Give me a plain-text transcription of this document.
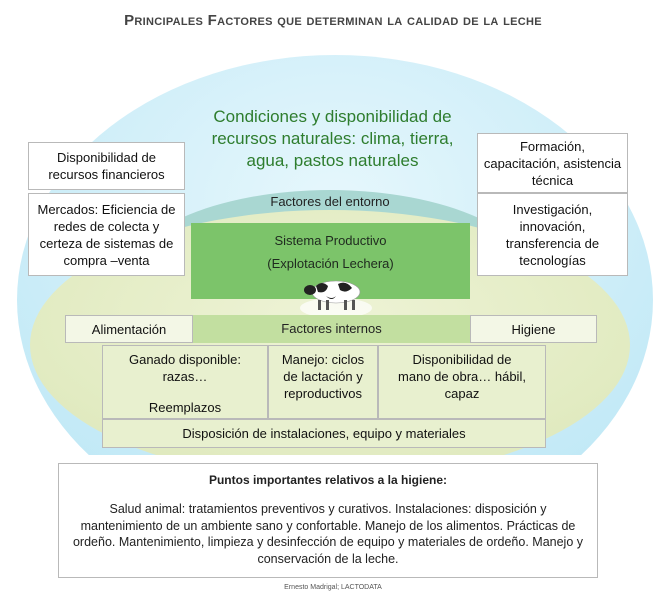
Principales Factores que determinan la calidad de la leche
Condiciones y disponibilidad de recursos naturales: clima, tierra, agua, pastos naturales
Disponibilidad de recursos financieros
Mercados: Eficiencia de redes de colecta y certeza de sistemas de compra –venta
Formación, capacitación, asistencia técnica
Investigación, innovación, transferencia de tecnologías
Factores del entorno
Sistema Productivo
(Explotación Lechera)
Alimentación	Factores internos	Higiene
Ganado disponible: razas…
Reemplazos
Manejo: ciclos de lactación y reproductivos
Disponibilidad de mano de obra… hábil, capaz
Disposición de instalaciones, equipo y materiales
Puntos importantes relativos a la higiene:
Salud animal: tratamientos preventivos y curativos. Instalaciones: disposición y mantenimiento de un ambiente sano y confortable. Manejo de los alimentos. Prácticas de ordeño. Mantenimiento, limpieza y desinfección de equipo y materiales de ordeño. Manejo y conservación de la leche.
Ernesto Madrigal; LACTODATA
